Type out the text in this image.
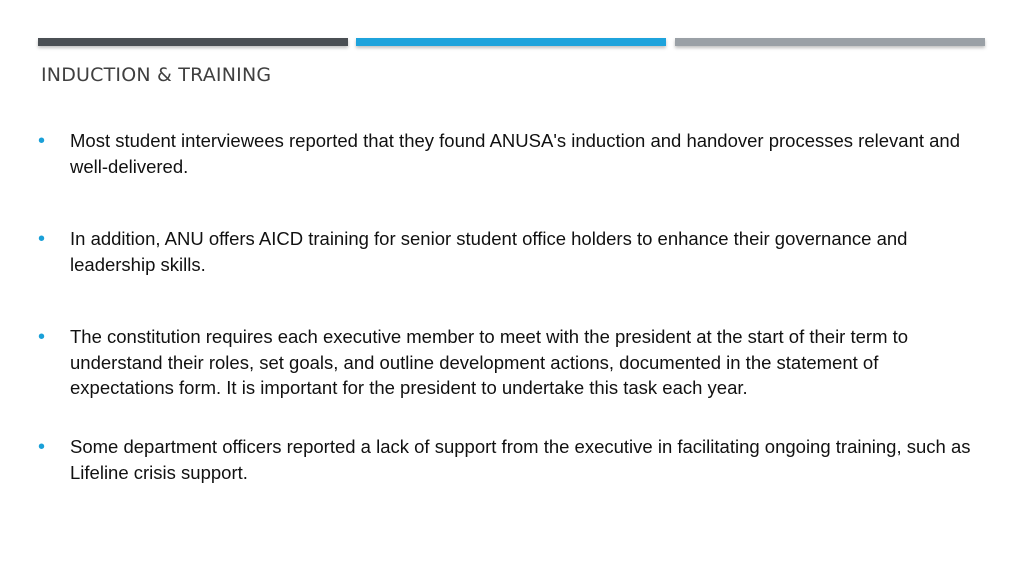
INDUCTION & TRAINING
•	Most student interviewees reported that they found ANUSA's induction and handover processes relevant and well-delivered.
•	In addition, ANU offers AICD training for senior student office holders to enhance their governance and leadership skills.
•	The constitution requires each executive member to meet with the president at the start of their term to understand their roles, set goals, and outline development actions, documented in the statement of expectations form. It is important for the president to undertake this task each year.
•	Some department officers reported a lack of support from the executive in facilitating ongoing training, such as Lifeline crisis support.
